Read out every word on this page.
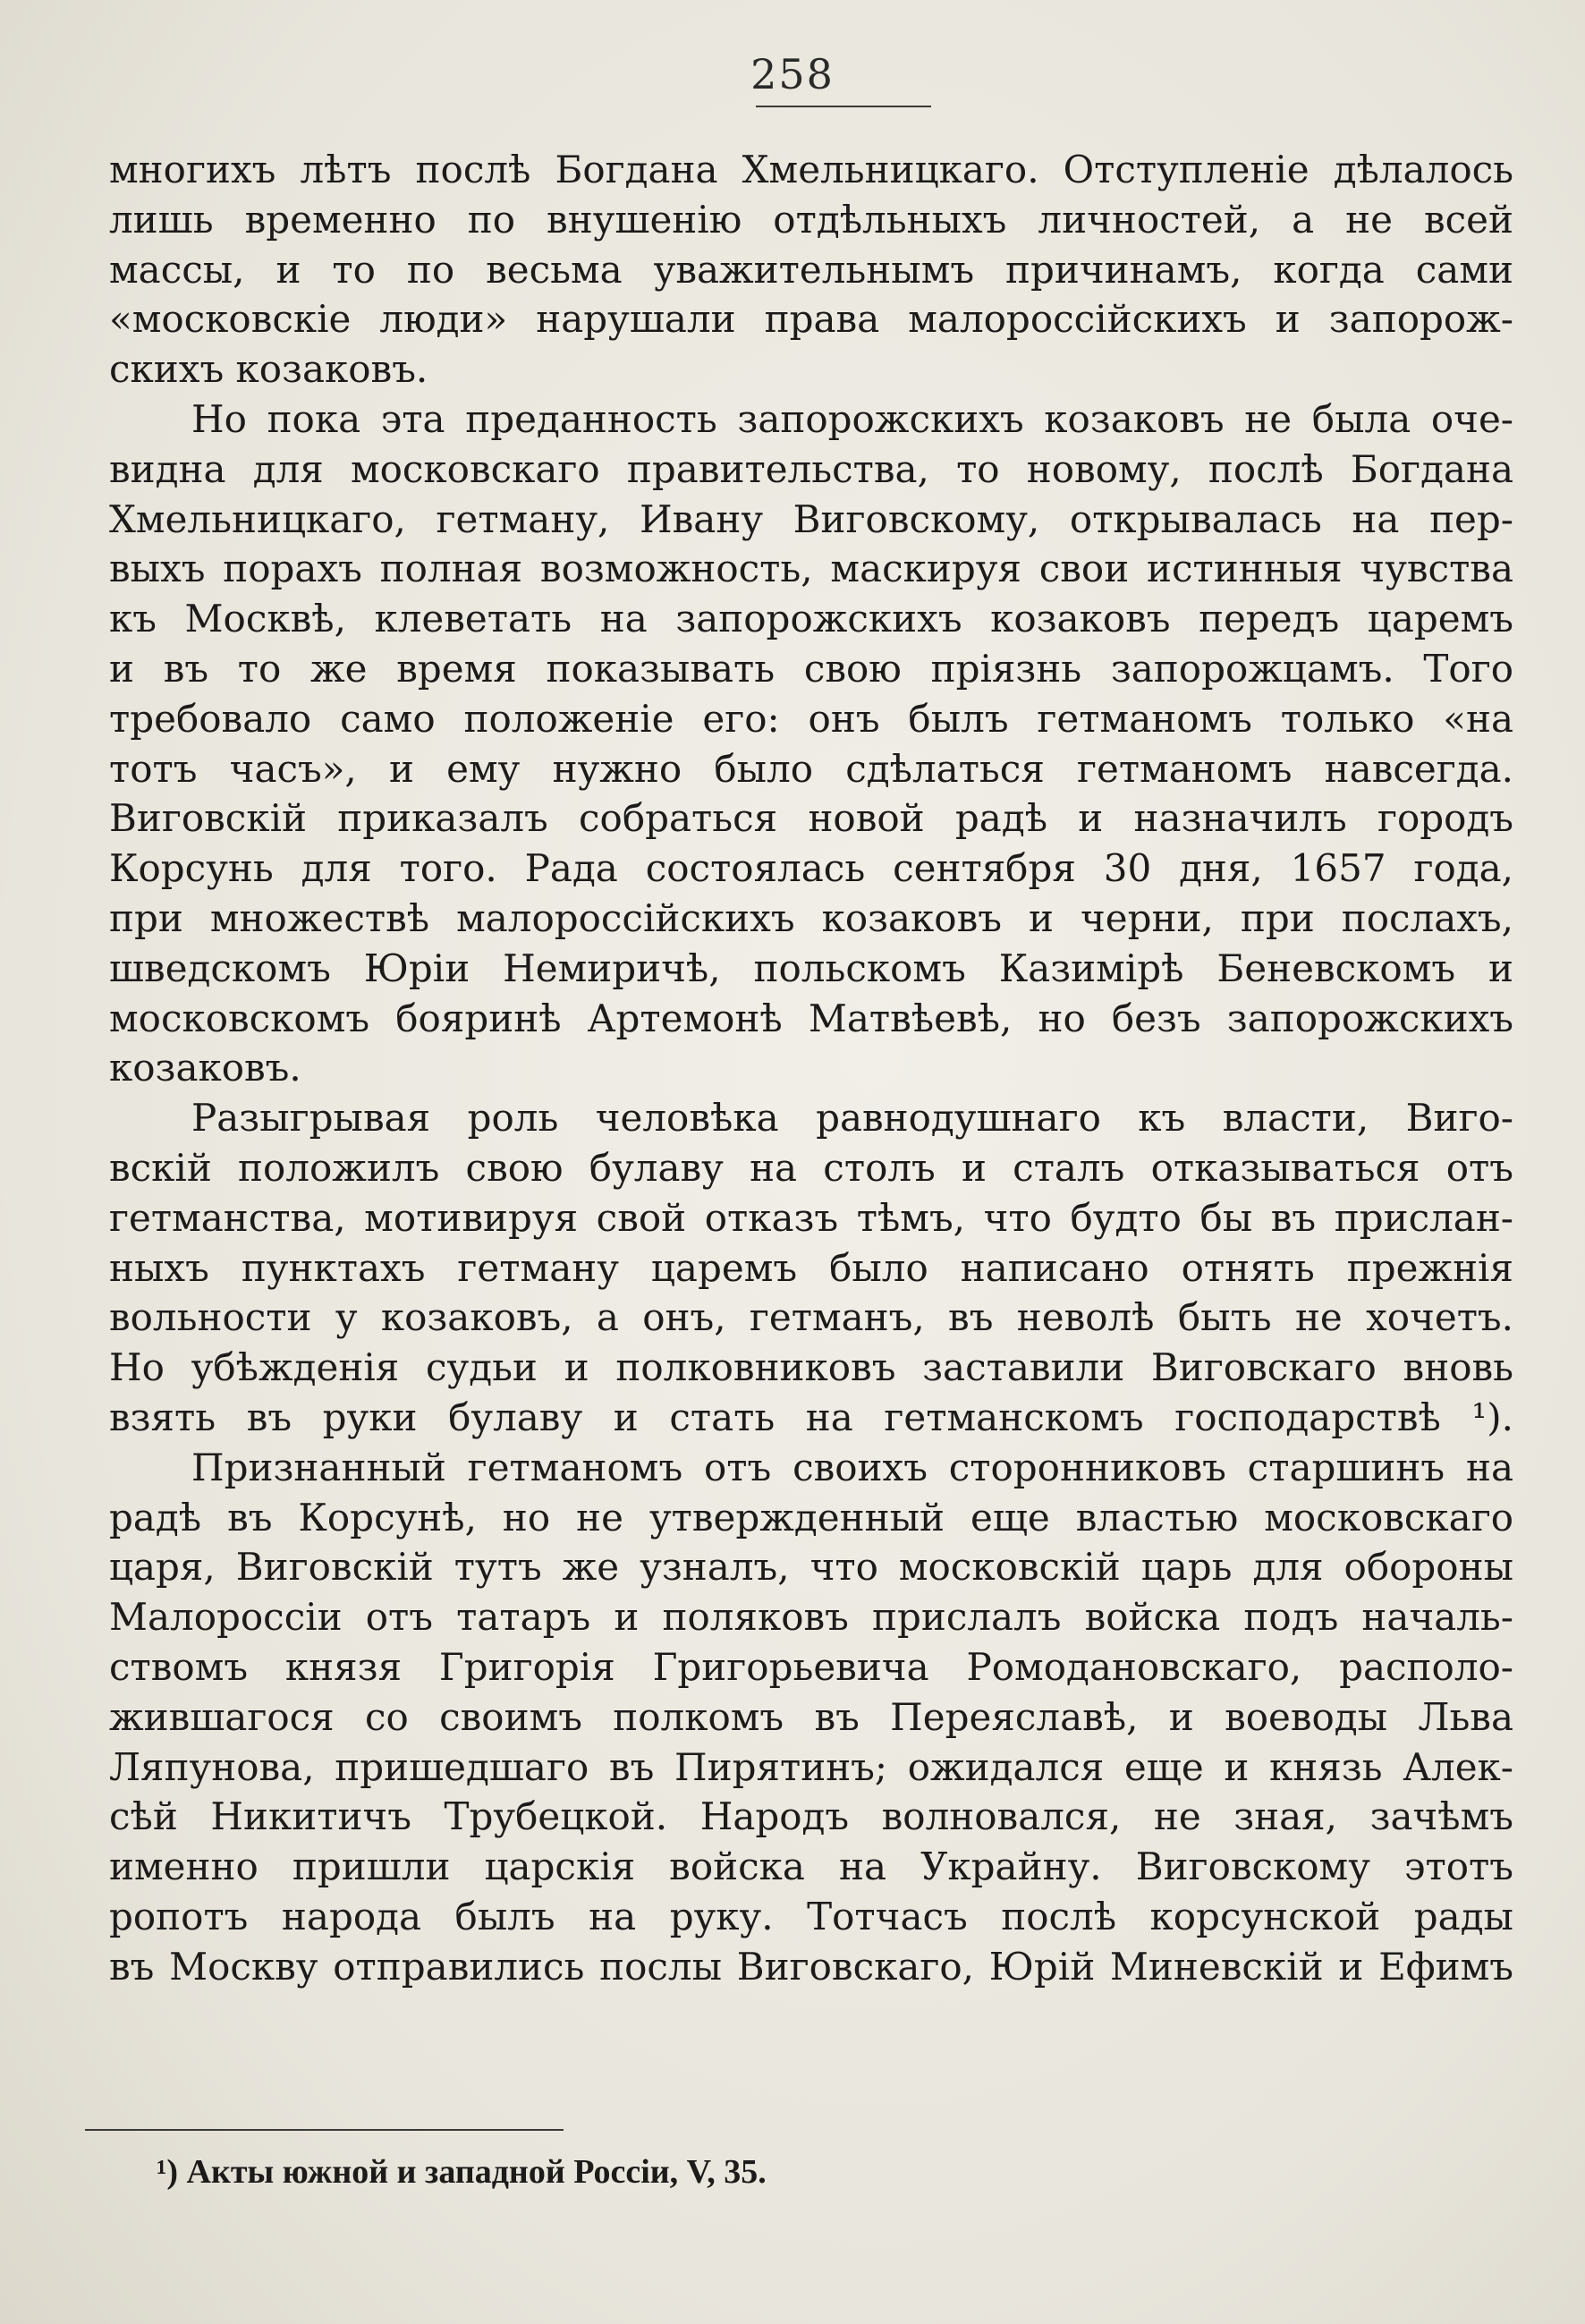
258
многихъ лѣтъ послѣ Богдана Хмельницкаго. Отступленіе дѣлалось
лишь временно по внушенію отдѣльныхъ личностей, а не всей
массы, и то по весьма уважительнымъ причинамъ, когда сами
«московскіе люди» нарушали права малороссійскихъ и запорож-
скихъ козаковъ.
Но пока эта преданность запорожскихъ козаковъ не была оче-
видна для московскаго правительства, то новому, послѣ Богдана
Хмельницкаго, гетману, Ивану Виговскому, открывалась на пер-
выхъ порахъ полная возможность, маскируя свои истинныя чувства
къ Москвѣ, клеветать на запорожскихъ козаковъ передъ царемъ
и въ то же время показывать свою пріязнь запорожцамъ. Того
требовало само положеніе его: онъ былъ гетманомъ только «на
тотъ часъ», и ему нужно было сдѣлаться гетманомъ навсегда.
Виговскій приказалъ собраться новой радѣ и назначилъ городъ
Корсунь для того. Рада состоялась сентября 30 дня, 1657 года,
при множествѣ малороссійскихъ козаковъ и черни, при послахъ,
шведскомъ Юріи Немиричѣ, польскомъ Казимірѣ Беневскомъ и
московскомъ бояринѣ Артемонѣ Матвѣевѣ, но безъ запорожскихъ
козаковъ.
Разыгрывая роль человѣка равнодушнаго къ власти, Виго-
вскій положилъ свою булаву на столъ и сталъ отказываться отъ
гетманства, мотивируя свой отказъ тѣмъ, что будто бы въ прислан-
ныхъ пунктахъ гетману царемъ было написано отнять прежнія
вольности у козаковъ, а онъ, гетманъ, въ неволѣ быть не хочетъ.
Но убѣжденія судьи и полковниковъ заставили Виговскаго вновь
взять въ руки булаву и стать на гетманскомъ господарствѣ ¹).
Признанный гетманомъ отъ своихъ сторонниковъ старшинъ на
радѣ въ Корсунѣ, но не утвержденный еще властью московскаго
царя, Виговскій тутъ же узналъ, что московскій царь для обороны
Малороссіи отъ татаръ и поляковъ прислалъ войска подъ началь-
ствомъ князя Григорія Григорьевича Ромодановскаго, располо-
жившагося со своимъ полкомъ въ Переяславѣ, и воеводы Льва
Ляпунова, пришедшаго въ Пирятинъ; ожидался еще и князь Алек-
сѣй Никитичъ Трубецкой. Народъ волновался, не зная, зачѣмъ
именно пришли царскія войска на Украйну. Виговскому этотъ
ропотъ народа былъ на руку. Тотчасъ послѣ корсунской рады
въ Москву отправились послы Виговскаго, Юрій Миневскій и Ефимъ
¹) Акты южной и западной Россіи, V, 35.
